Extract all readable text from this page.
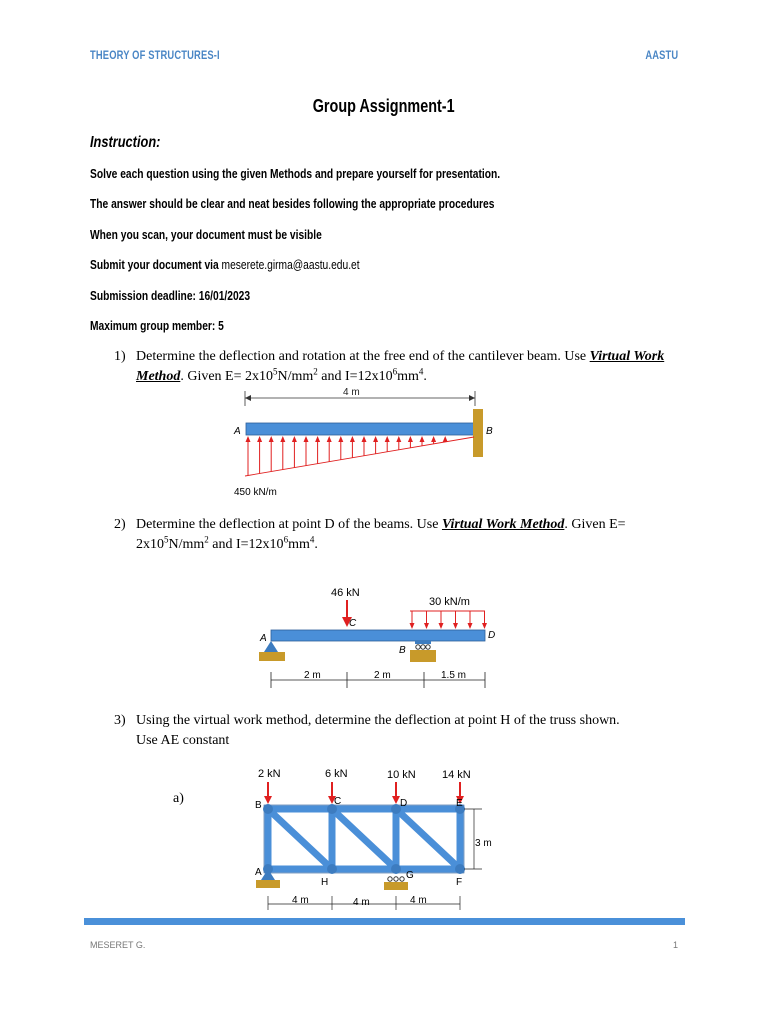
THEORY OF STRUCTURES-I	AASTU
Group Assignment-1
Instruction:
Solve each question using the given Methods and prepare yourself for presentation.
The answer should be clear and neat besides following the appropriate procedures
When you scan, your document must be visible
Submit your document via meserete.girma@aastu.edu.et
Submission deadline: 16/01/2023
Maximum group member: 5
1) Determine the deflection and rotation at the free end of the cantilever beam. Use Virtual Work Method. Given $E= 2x10^5N/mm^2$ and $I=12x10^6mm^4$.
4 m
A	B
450 kN/m
2) Determine the deflection at point D of the beams. Use Virtual Work Method. Given E=
$2x10^5N/mm^2$ and $I=12x10^6mm^4$.
46 kN
C
30 kN/m
A	D
B
2 m	2 m	1.5 m
3) Using the virtual work method, determine the deflection at point H of the truss shown.
Use AE constant
a)
2 kN	6 kN	10 kN 14 kN
B	C	D	E
A
H
G
F
3 m
4 m	4 m	4 m
MESERET G.	1
